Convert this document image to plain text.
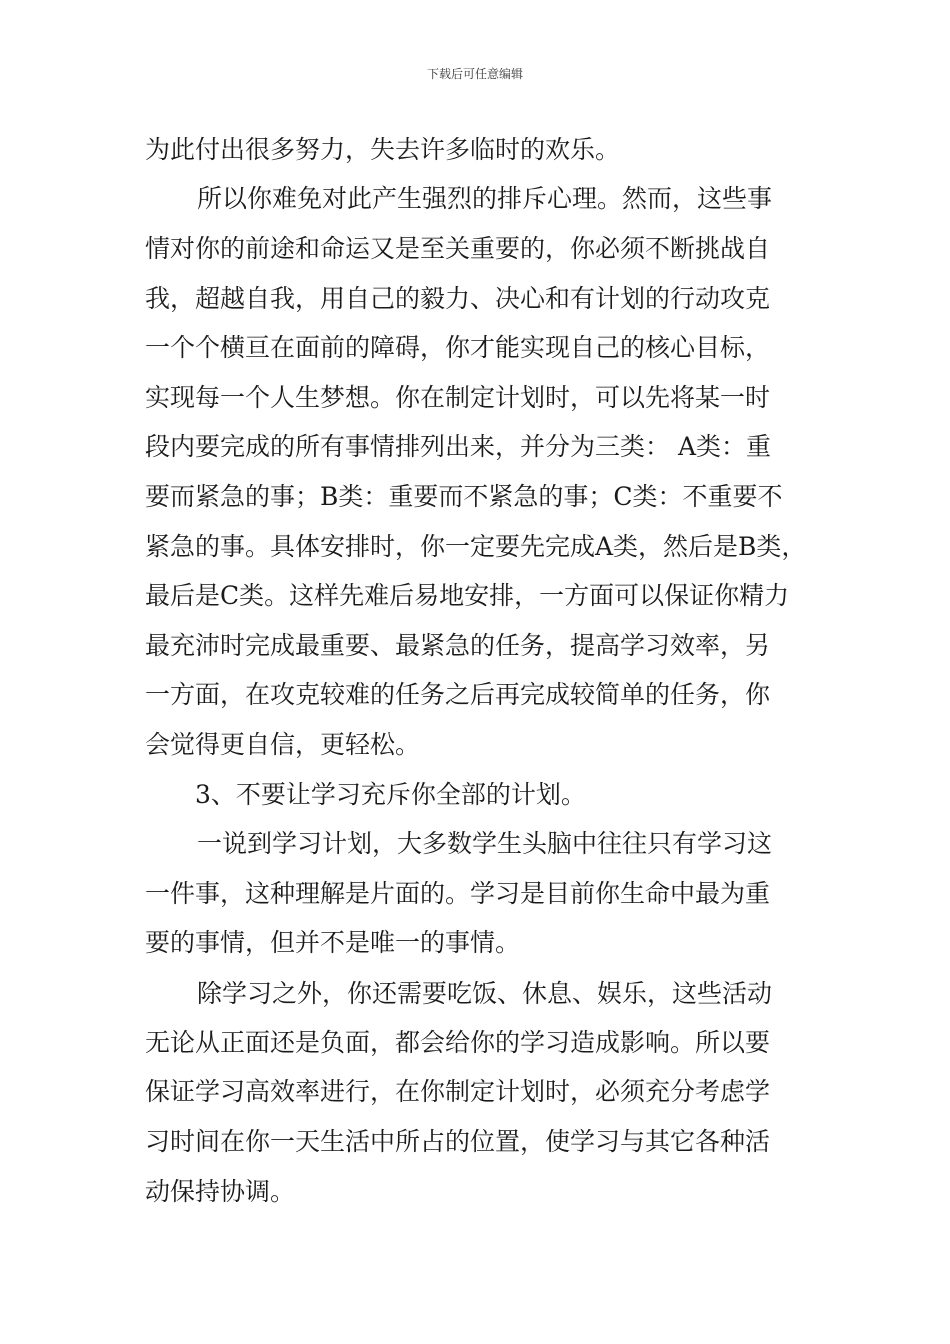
下载后可任意编辑
为此付出很多努力，失去许多临时的欢乐。
所以你难免对此产生强烈的排斥心理。然而，这些事
情对你的前途和命运又是至关重要的，你必须不断挑战自
我，超越自我，用自己的毅力、决心和有计划的行动攻克
一个个横亘在面前的障碍，你才能实现自己的核心目标，
实现每一个人生梦想。你在制定计划时，可以先将某一时
段内要完成的所有事情排列出来，并分为三类： A类：重
要而紧急的事；B类：重要而不紧急的事；C类：不重要不
紧急的事。具体安排时，你一定要先完成A类，然后是B类，
最后是C类。这样先难后易地安排，一方面可以保证你精力
最充沛时完成最重要、最紧急的任务，提高学习效率，另
一方面，在攻克较难的任务之后再完成较简单的任务，你
会觉得更自信，更轻松。
3、不要让学习充斥你全部的计划。
一说到学习计划，大多数学生头脑中往往只有学习这
一件事，这种理解是片面的。学习是目前你生命中最为重
要的事情，但并不是唯一的事情。
除学习之外，你还需要吃饭、休息、娱乐，这些活动
无论从正面还是负面，都会给你的学习造成影响。所以要
保证学习高效率进行，在你制定计划时，必须充分考虑学
习时间在你一天生活中所占的位置，使学习与其它各种活
动保持协调。
